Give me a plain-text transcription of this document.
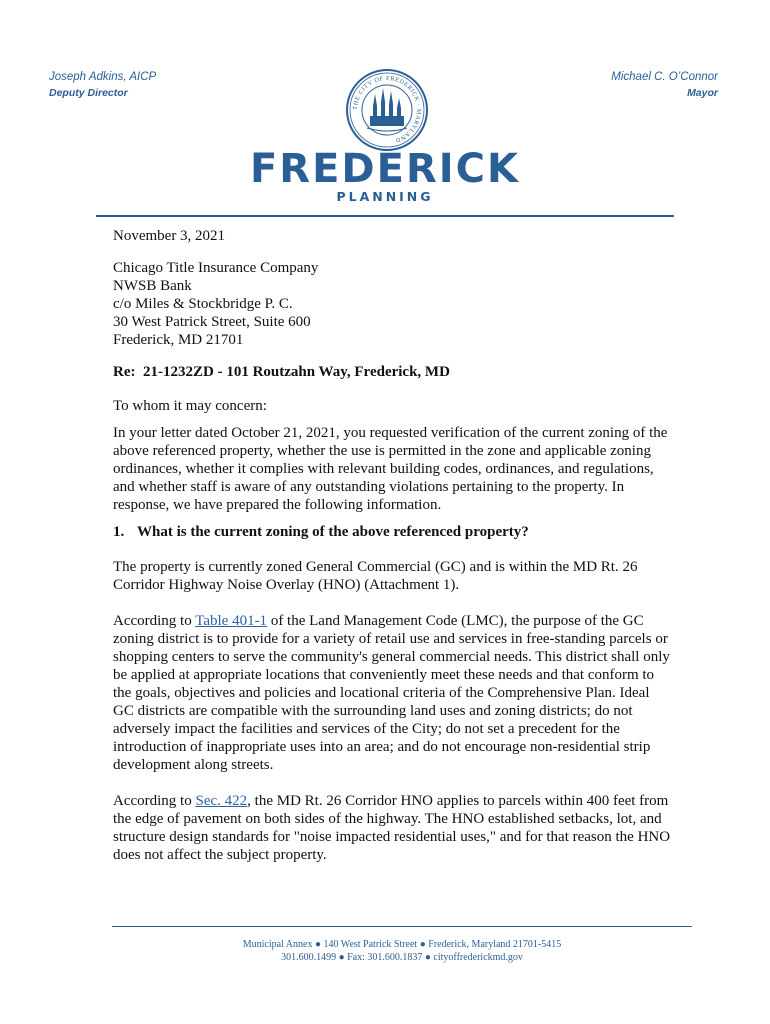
Joseph Adkins, AICP
Deputy Director
Michael C. O’Connor
Mayor
THE CITY OF FREDERICK · MARYLAND
FREDERICK
PLANNING

November 3, 2021

Chicago Title Insurance Company

NWSB Bank

c/o Miles & Stockbridge P. C.

30 West Patrick Street, Suite 600

Frederick, MD 21701

Re:  21-1232ZD - 101 Routzahn Way, Frederick, MD

To whom it may concern:

In your letter dated October 21, 2021, you requested verification of the current zoning of the above referenced property, whether the use is permitted in the zone and applicable zoning ordinances, whether it complies with relevant building codes, ordinances, and regulations, and whether staff is aware of any outstanding violations pertaining to the property. In response, we have prepared the following information.

1. What is the current zoning of the above referenced property?

The property is currently zoned General Commercial (GC) and is within the MD Rt. 26 Corridor Highway Noise Overlay (HNO) (Attachment 1).

According to Table 401-1 of the Land Management Code (LMC), the purpose of the GC zoning district is to provide for a variety of retail use and services in free-standing parcels or shopping centers to serve the community's general commercial needs. This district shall only be applied at appropriate locations that conveniently meet these needs and that conform to the goals, objectives and policies and locational criteria of the Comprehensive Plan. Ideal GC districts are compatible with the surrounding land uses and zoning districts; do not adversely impact the facilities and services of the City; do not set a precedent for the introduction of inappropriate uses into an area; and do not encourage non-residential strip development along streets.

According to Sec. 422, the MD Rt. 26 Corridor HNO applies to parcels within 400 feet from the edge of pavement on both sides of the highway. The HNO established setbacks, lot, and structure design standards for "noise impacted residential uses," and for that reason the HNO does not affect the subject property.

Municipal Annex ● 140 West Patrick Street ● Frederick, Maryland 21701-5415
301.600.1499 ● Fax: 301.600.1837 ● cityoffrederickmd.gov
